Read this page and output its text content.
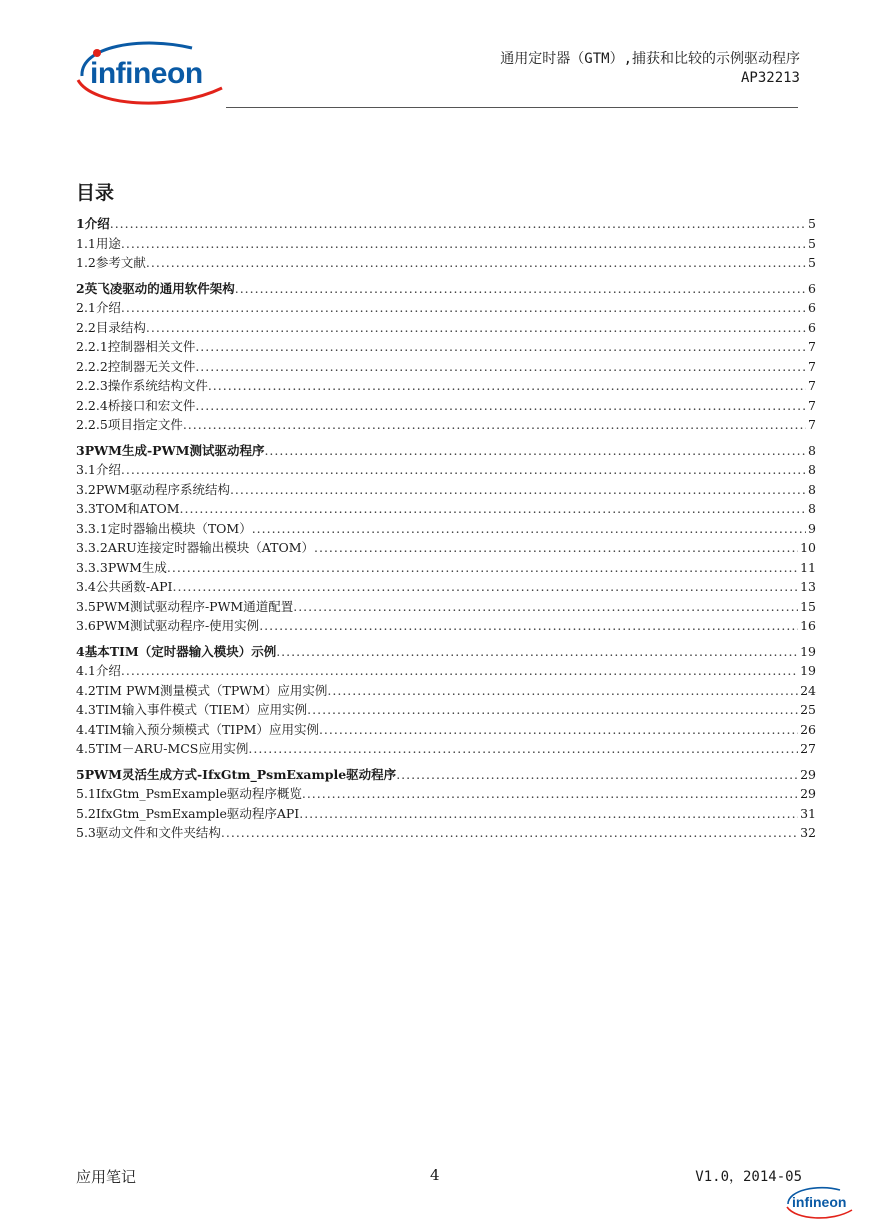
infineon	通用定时器（GTM）,捕获和比较的示例驱动程序
AP32213
目录
1 介绍 .....	5
1.1 用途 .....	5
1.2 参考文献 .....	5
2 英飞凌驱动的通用软件架构 .....	6
2.1 介绍 .....	6
2.2 目录结构 .....	6
2.2.1 控制器相关文件 .....	7
2.2.2 控制器无关文件 .....	7
2.2.3 操作系统结构文件 .....	7
2.2.4 桥接口和宏文件 .....	7
2.2.5 项目指定文件 .....	7
3 PWM生成-PWM测试驱动程序 .....	8
3.1 介绍 .....	8
3.2 PWM驱动程序系统结构 .....	8
3.3 TOM和ATOM .....	8
3.3.1 定时器输出模块（TOM） .....	9
3.3.2 ARU连接定时器输出模块（ATOM） .....	10
3.3.3 PWM生成 .....	11
3.4 公共函数-API .....	13
3.5 PWM测试驱动程序-PWM通道配置 .....	15
3.6 PWM测试驱动程序-使用实例 .....	16
4 基本TIM（定时器输入模块）示例 .....	19
4.1 介绍 .....	19
4.2 TIM PWM测量模式（TPWM）应用实例 .....	24
4.3 TIM输入事件模式（TIEM）应用实例 .....	25
4.4 TIM输入预分频模式（TIPM）应用实例 .....	26
4.5 TIM－ARU-MCS应用实例 .....	27
5 PWM灵活生成方式-IfxGtm_PsmExample驱动程序 .....	29
5.1 IfxGtm_PsmExample驱动程序概览 .....	29
5.2 IfxGtm_PsmExample驱动程序API .....	31
5.3 驱动文件和文件夹结构 .....	32
应用笔记	4	V1.0，2014-05
infineon
